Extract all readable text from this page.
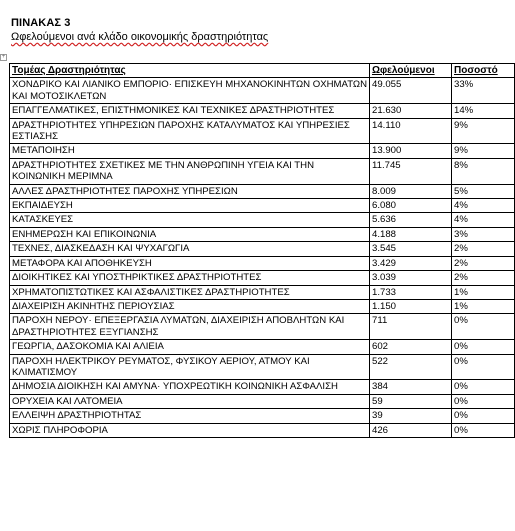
+
ΠΙΝΑΚΑΣ 3
Ωφελούμενοι ανά κλάδο οικονομικής δραστηριότητας
Τομέας Δραστηριότητας	Ωφελούμενοι	Ποσοστό
ΧΟΝΔΡΙΚΟ ΚΑΙ ΛΙΑΝΙΚΟ ΕΜΠΟΡΙΟ· ΕΠΙΣΚΕΥΗ ΜΗΧΑΝΟΚΙΝΗΤΩΝ ΟΧΗΜΑΤΩΝ ΚΑΙ ΜΟΤΟΣΙΚΛΕΤΩΝ	49.055	33%
ΕΠΑΓΓΕΛΜΑΤΙΚΕΣ, ΕΠΙΣΤΗΜΟΝΙΚΕΣ ΚΑΙ ΤΕΧΝΙΚΕΣ ΔΡΑΣΤΗΡΙΟΤΗΤΕΣ	21.630	14%
ΔΡΑΣΤΗΡΙΟΤΗΤΕΣ ΥΠΗΡΕΣΙΩΝ ΠΑΡΟΧΗΣ ΚΑΤΑΛΥΜΑΤΟΣ ΚΑΙ ΥΠΗΡΕΣΙΕΣ ΕΣΤΙΑΣΗΣ	14.110	9%
ΜΕΤΑΠΟΙΗΣΗ	13.900	9%
ΔΡΑΣΤΗΡΙΟΤΗΤΕΣ ΣΧΕΤΙΚΕΣ ΜΕ ΤΗΝ ΑΝΘΡΩΠΙΝΗ ΥΓΕΙΑ ΚΑΙ ΤΗΝ ΚΟΙΝΩΝΙΚΗ ΜΕΡΙΜΝΑ	11.745	8%
ΑΛΛΕΣ ΔΡΑΣΤΗΡΙΟΤΗΤΕΣ ΠΑΡΟΧΗΣ ΥΠΗΡΕΣΙΩΝ	8.009	5%
ΕΚΠΑΙΔΕΥΣΗ	6.080	4%
ΚΑΤΑΣΚΕΥΕΣ	5.636	4%
ΕΝΗΜΕΡΩΣΗ ΚΑΙ ΕΠΙΚΟΙΝΩΝΙΑ	4.188	3%
ΤΕΧΝΕΣ, ΔΙΑΣΚΕΔΑΣΗ ΚΑΙ ΨΥΧΑΓΩΓΙΑ	3.545	2%
ΜΕΤΑΦΟΡΑ ΚΑΙ ΑΠΟΘΗΚΕΥΣΗ	3.429	2%
ΔΙΟΙΚΗΤΙΚΕΣ ΚΑΙ ΥΠΟΣΤΗΡΙΚΤΙΚΕΣ ΔΡΑΣΤΗΡΙΟΤΗΤΕΣ	3.039	2%
ΧΡΗΜΑΤΟΠΙΣΤΩΤΙΚΕΣ ΚΑΙ ΑΣΦΑΛΙΣΤΙΚΕΣ ΔΡΑΣΤΗΡΙΟΤΗΤΕΣ	1.733	1%
ΔΙΑΧΕΙΡΙΣΗ ΑΚΙΝΗΤΗΣ ΠΕΡΙΟΥΣΙΑΣ	1.150	1%
ΠΑΡΟΧΗ ΝΕΡΟΥ· ΕΠΕΞΕΡΓΑΣΙΑ ΛΥΜΑΤΩΝ, ΔΙΑΧΕΙΡΙΣΗ ΑΠΟΒΛΗΤΩΝ ΚΑΙ ΔΡΑΣΤΗΡΙΟΤΗΤΕΣ ΕΞΥΓΙΑΝΣΗΣ	711	0%
ΓΕΩΡΓΙΑ, ΔΑΣΟΚΟΜΙΑ ΚΑΙ ΑΛΙΕΙΑ	602	0%
ΠΑΡΟΧΗ ΗΛΕΚΤΡΙΚΟΥ ΡΕΥΜΑΤΟΣ, ΦΥΣΙΚΟΥ ΑΕΡΙΟΥ, ΑΤΜΟΥ ΚΑΙ ΚΛΙΜΑΤΙΣΜΟΥ	522	0%
ΔΗΜΟΣΙΑ ΔΙΟΙΚΗΣΗ ΚΑΙ ΑΜΥΝΑ· ΥΠΟΧΡΕΩΤΙΚΗ ΚΟΙΝΩΝΙΚΗ ΑΣΦΑΛΙΣΗ	384	0%
ΟΡΥΧΕΙΑ ΚΑΙ ΛΑΤΟΜΕΙΑ	59	0%
ΕΛΛΕΙΨΗ ΔΡΑΣΤΗΡΙΟΤΗΤΑΣ	39	0%
ΧΩΡΙΣ ΠΛΗΡΟΦΟΡΙΑ	426	0%
